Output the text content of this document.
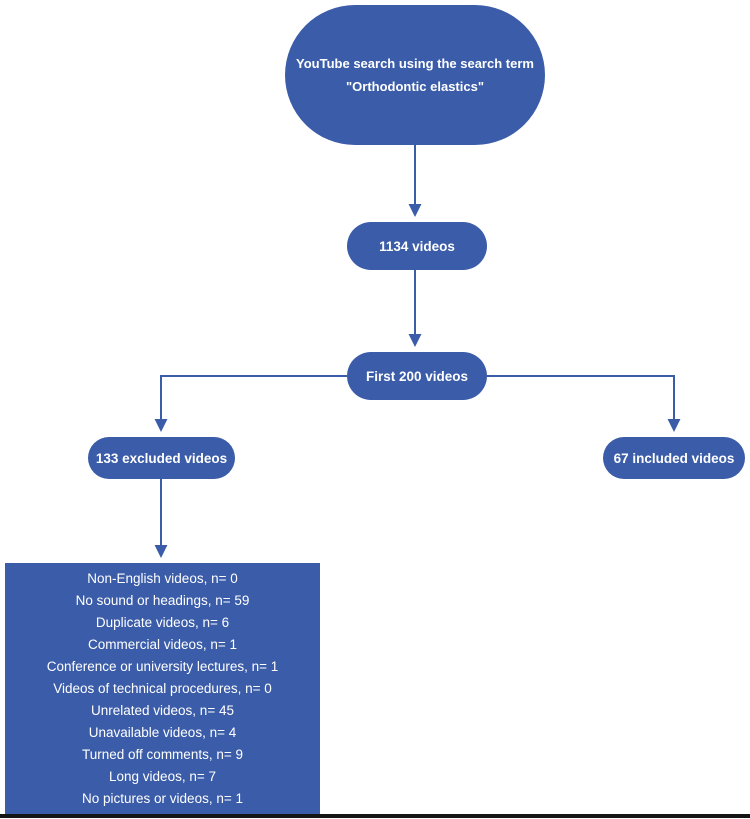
YouTube search using the search term
"Orthodontic elastics"
1134 videos
First 200 videos
133 excluded videos	67 included videos
Non-English videos, n= 0
No sound or headings, n= 59
Duplicate videos, n= 6
Commercial videos, n= 1
Conference or university lectures, n= 1
Videos of technical procedures, n= 0
Unrelated videos, n= 45
Unavailable videos, n= 4
Turned off comments, n= 9
Long videos, n= 7
No pictures or videos, n= 1
